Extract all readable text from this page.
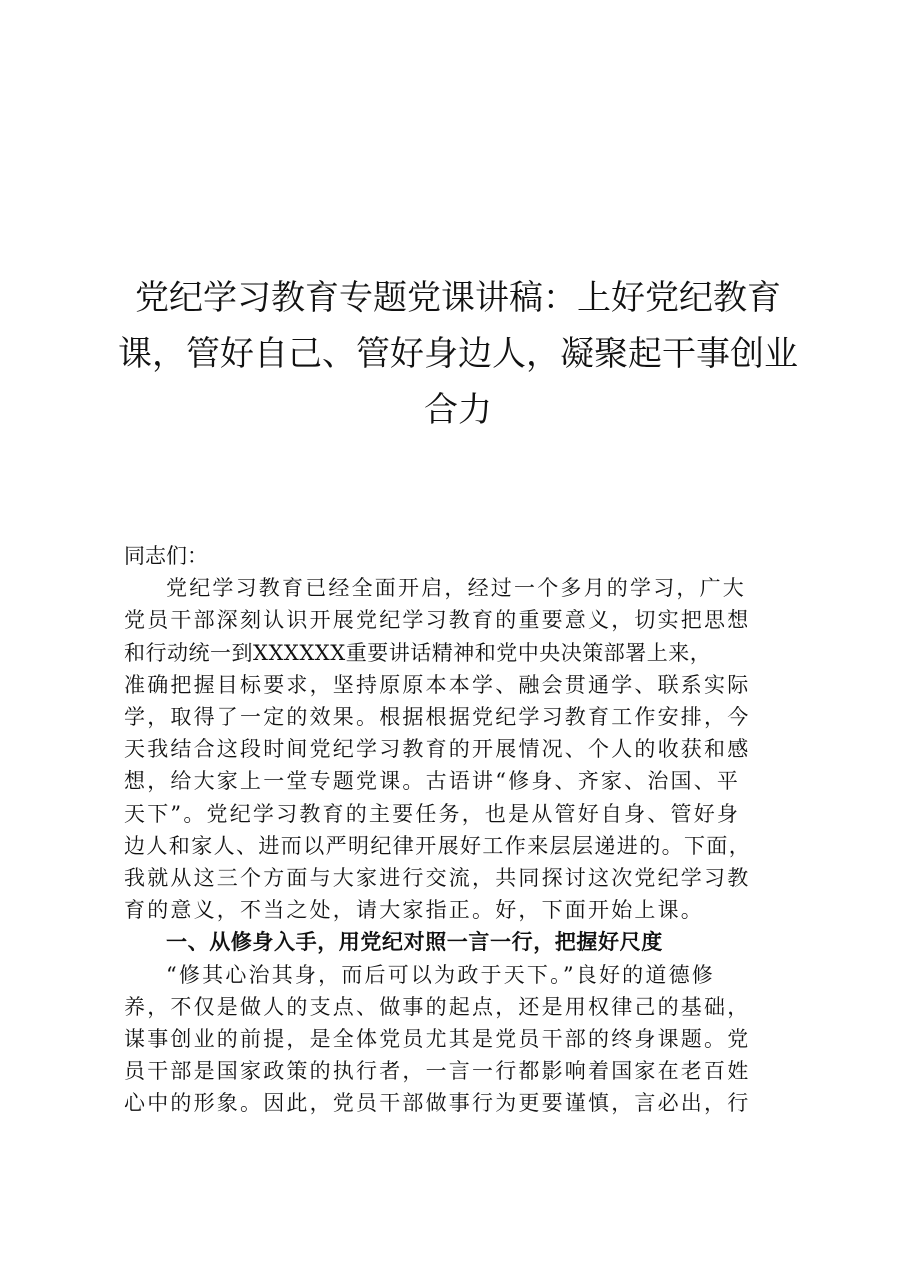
党纪学习教育专题党课讲稿：上好党纪教育
课，管好自己、管好身边人，凝聚起干事创业
合力

同志们：

党纪学习教育已经全面开启，经过一个多月的学习，广大
党员干部深刻认识开展党纪学习教育的重要意义，切实把思想
和行动统一到XXXXXX重要讲话精神和党中央决策部署上来，
准确把握目标要求，坚持原原本本学、融会贯通学、联系实际
学，取得了一定的效果。根据根据党纪学习教育工作安排，今
天我结合这段时间党纪学习教育的开展情况、个人的收获和感
想，给大家上一堂专题党课。古语讲“修身、齐家、治国、平
天下”。党纪学习教育的主要任务，也是从管好自身、管好身
边人和家人、进而以严明纪律开展好工作来层层递进的。下面，
我就从这三个方面与大家进行交流，共同探讨这次党纪学习教
育的意义，不当之处，请大家指正。好，下面开始上课。

一、从修身入手，用党纪对照一言一行，把握好尺度

“修其心治其身，而后可以为政于天下。”良好的道德修
养，不仅是做人的支点、做事的起点，还是用权律己的基础，
谋事创业的前提，是全体党员尤其是党员干部的终身课题。党
员干部是国家政策的执行者，一言一行都影响着国家在老百姓
心中的形象。因此，党员干部做事行为更要谨慎，言必出，行
